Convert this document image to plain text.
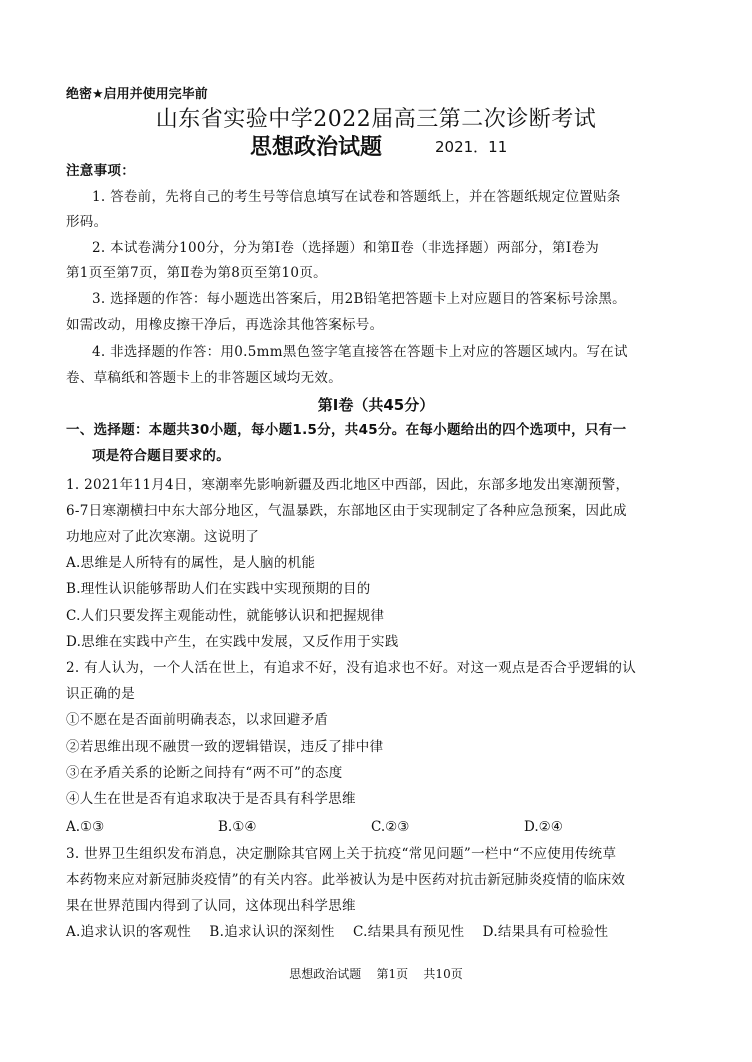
绝密★启用并使用完毕前
山东省实验中学2022届高三第二次诊断考试
思想政治试题	2021．11
注意事项：
1. 答卷前，先将自己的考生号等信息填写在试卷和答题纸上，并在答题纸规定位置贴条
形码。
2. 本试卷满分100分，分为第Ⅰ卷（选择题）和第Ⅱ卷（非选择题）两部分，第Ⅰ卷为
第1页至第7页，第Ⅱ卷为第8页至第10页。
3. 选择题的作答：每小题选出答案后，用2B铅笔把答题卡上对应题目的答案标号涂黑。
如需改动，用橡皮擦干净后，再选涂其他答案标号。
4. 非选择题的作答：用0.5mm黑色签字笔直接答在答题卡上对应的答题区域内。写在试
卷、草稿纸和答题卡上的非答题区域均无效。
第Ⅰ卷（共45分）
一、选择题：本题共30小题，每小题1.5分，共45分。在每小题给出的四个选项中，只有一
项是符合题目要求的。
1. 2021年11月4日，寒潮率先影响新疆及西北地区中西部，因此，东部多地发出寒潮预警，
6-7日寒潮横扫中东大部分地区，气温暴跌，东部地区由于实现制定了各种应急预案，因此成
功地应对了此次寒潮。这说明了
A.思维是人所特有的属性，是人脑的机能
B.理性认识能够帮助人们在实践中实现预期的目的
C.人们只要发挥主观能动性，就能够认识和把握规律
D.思维在实践中产生，在实践中发展，又反作用于实践
2. 有人认为，一个人活在世上，有追求不好，没有追求也不好。对这一观点是否合乎逻辑的认
识正确的是
①不愿在是否面前明确表态，以求回避矛盾
②若思维出现不融贯一致的逻辑错误，违反了排中律
③在矛盾关系的论断之间持有“两不可”的态度
④人生在世是否有追求取决于是否具有科学思维
A.①③	B.①④	C.②③	D.②④
3. 世界卫生组织发布消息，决定删除其官网上关于抗疫“常见问题”一栏中“不应使用传统草
本药物来应对新冠肺炎疫情”的有关内容。此举被认为是中医药对抗击新冠肺炎疫情的临床效
果在世界范围内得到了认同，这体现出科学思维
A.追求认识的客观性    B.追求认识的深刻性    C.结果具有预见性    D.结果具有可检验性
思想政治试题    第1页    共10页
